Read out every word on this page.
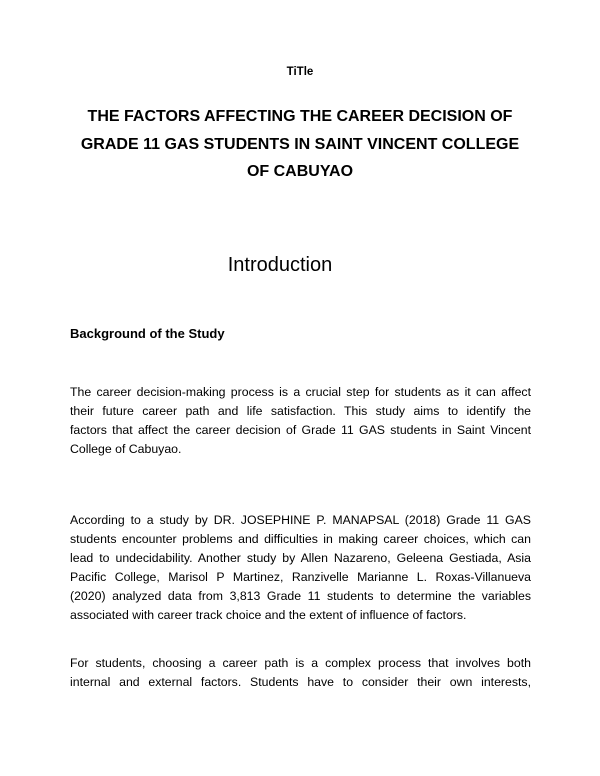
TiTle
THE FACTORS AFFECTING THE CAREER DECISION OF
GRADE 11 GAS STUDENTS IN SAINT VINCENT COLLEGE
OF CABUYAO
Introduction
Background of the Study
The career decision-making process is a crucial step for students as it can affect
their future career path and life satisfaction. This study aims to identify the
factors that affect the career decision of Grade 11 GAS students in Saint Vincent
College of Cabuyao.
According to a study by DR. JOSEPHINE P. MANAPSAL (2018) Grade 11 GAS
students encounter problems and difficulties in making career choices, which can
lead to undecidability. Another study by Allen Nazareno, Geleena Gestiada, Asia
Pacific College, Marisol P Martinez, Ranzivelle Marianne L. Roxas-Villanueva
(2020) analyzed data from 3,813 Grade 11 students to determine the variables
associated with career track choice and the extent of influence of factors.
For students, choosing a career path is a complex process that involves both
internal and external factors. Students have to consider their own interests,
